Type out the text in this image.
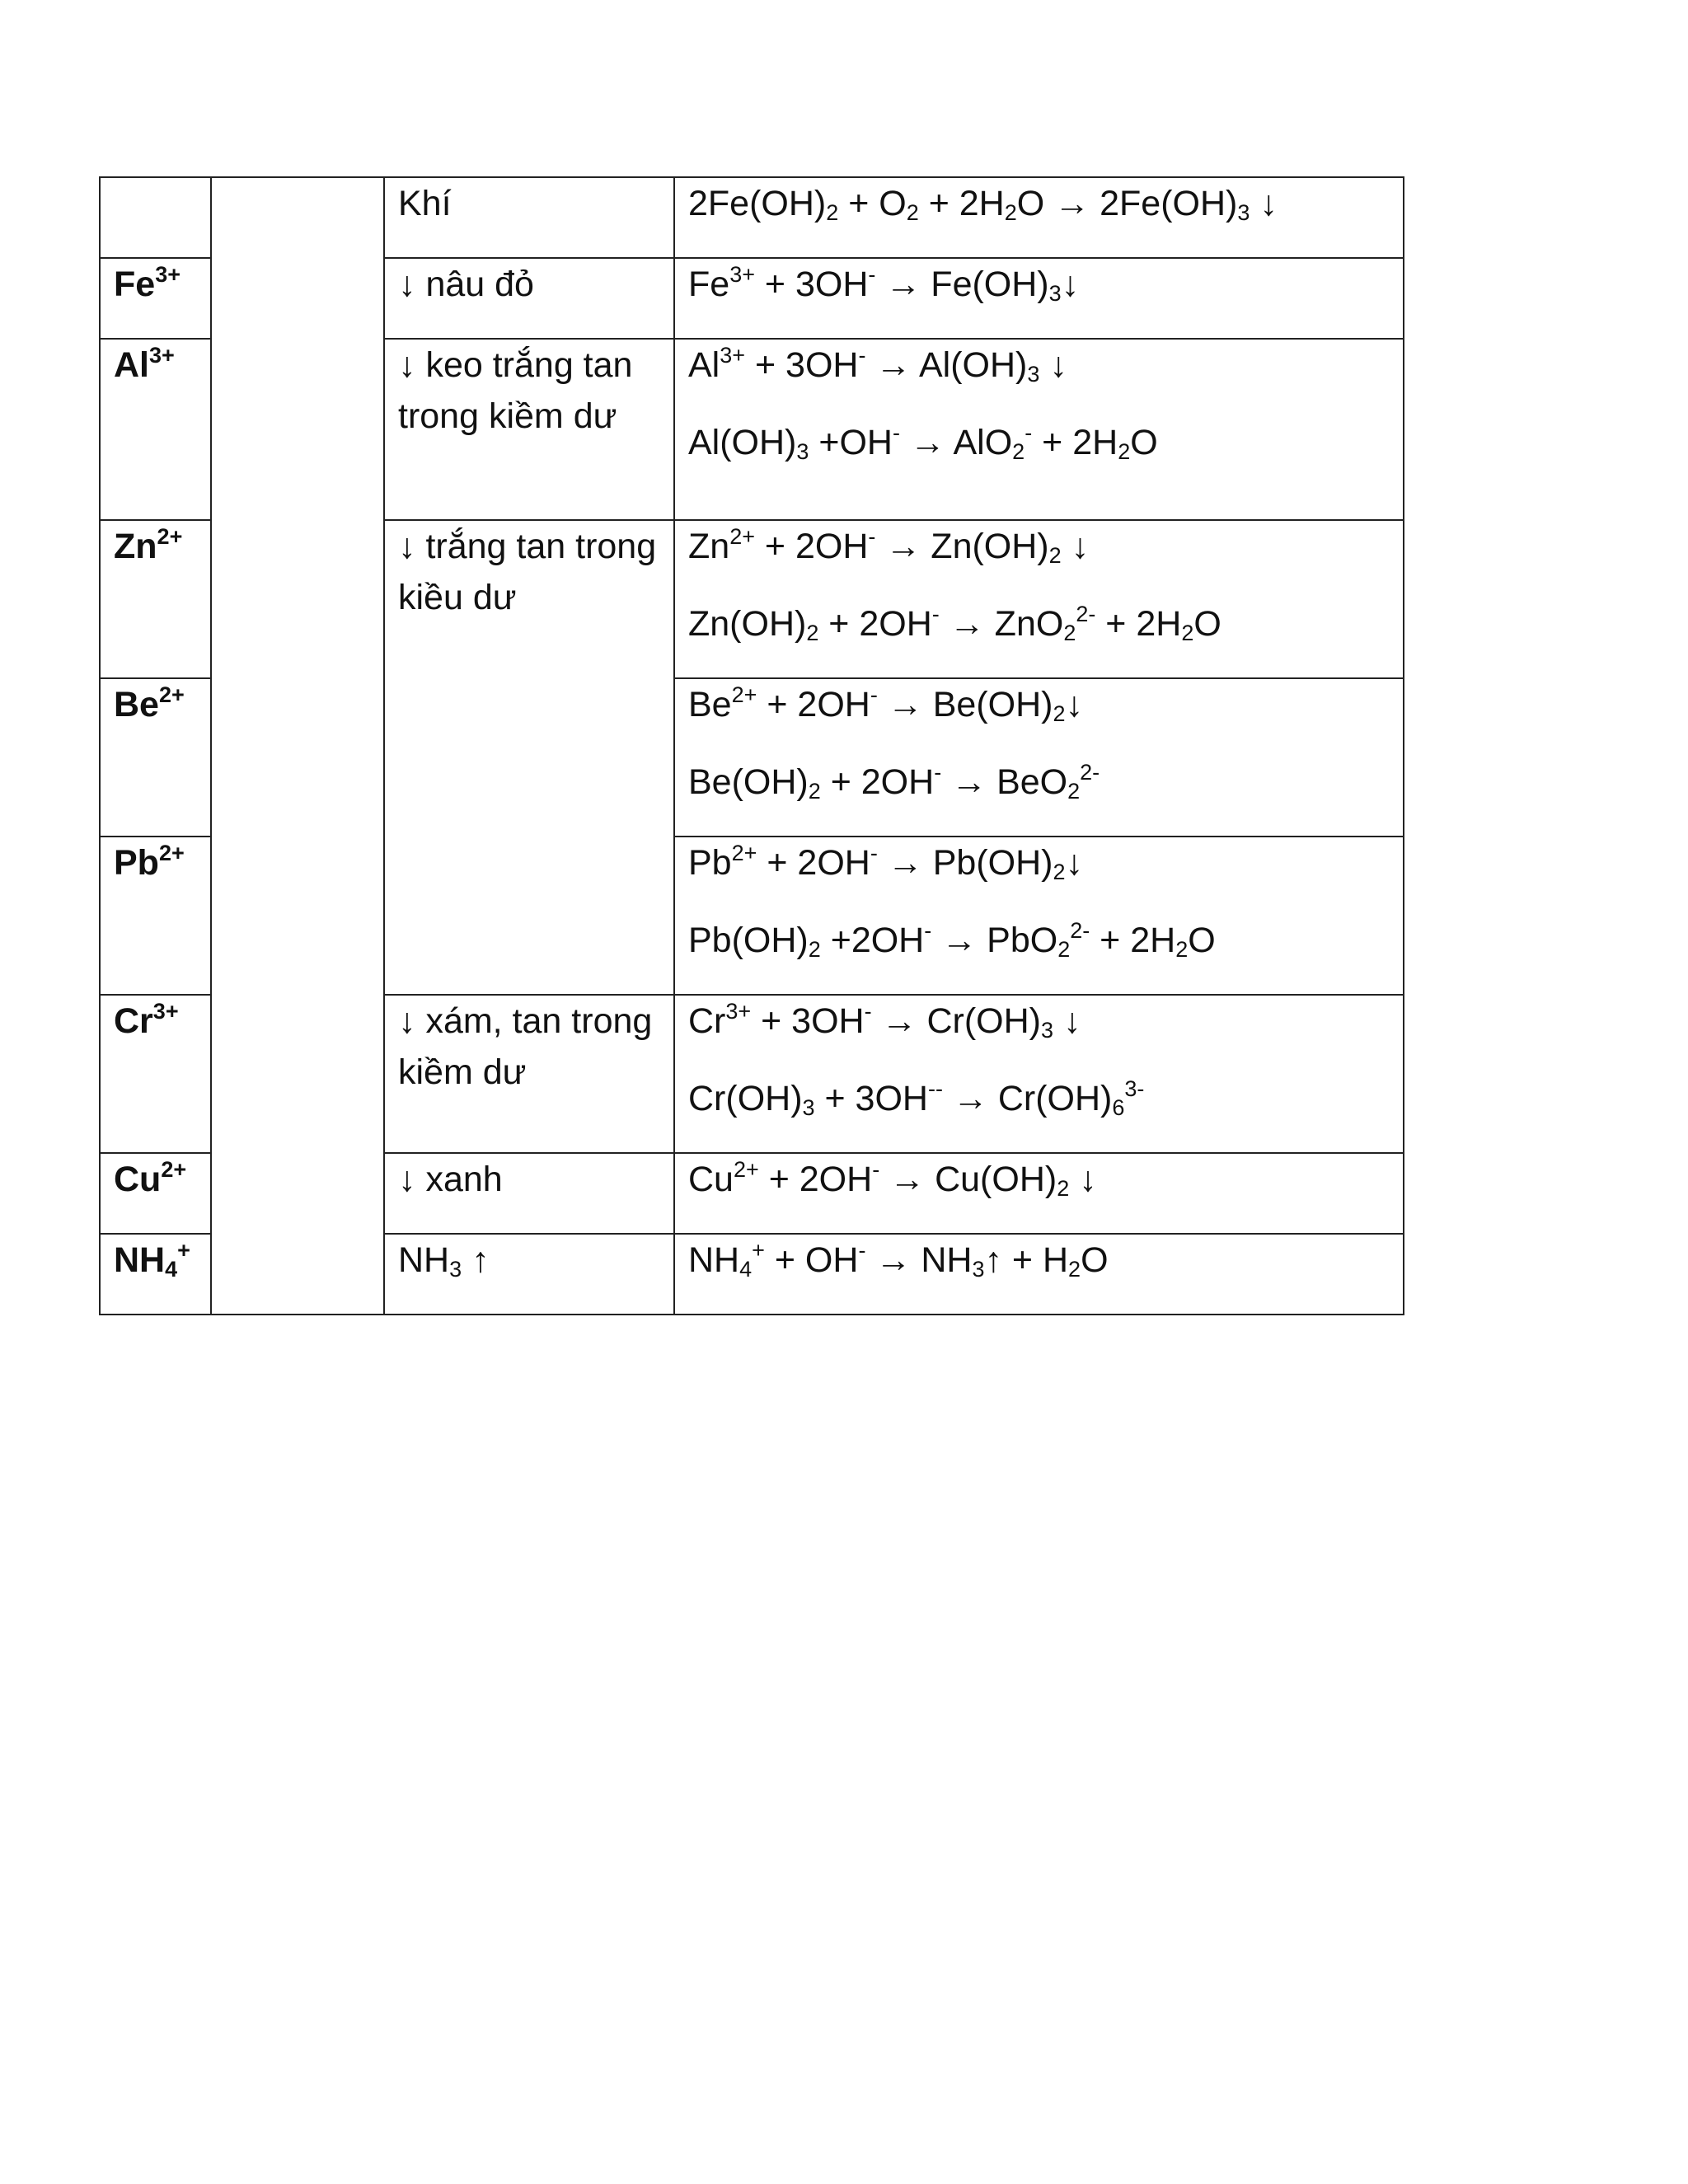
		Khí	$2Fe(OH)_2 + O_2 + 2H_2O \to 2Fe(OH)_3$ ↓

$Fe^{3+}$		↓ nâu đỏ	$Fe^{3+} + 3OH^-$ → $Fe(OH)_3↓$

$Al^{3+}$		↓ keo trắng tan trong kiềm dư	$Al^{3+} + 3OH^- \to Al(OH)_3$ ↓
$Al(OH)_3 +OH^- \to AlO_2^- + 2H_2O$

$Zn^{2+}$		↓ trắng tan trong kiều dư	$Zn^{2+} + 2OH^- \to Zn(OH)_2$ ↓
$Zn(OH)_2 + 2OH^- \to ZnO_2^{2-} + 2H_2O$

$Be^{2+}$			$Be^{2+} + 2OH^-$ → $Be(OH)_2↓$
$Be(OH)_2 + 2OH^- \to BeO_2^{2-}$

$Pb^{2+}$			$Pb^{2+} + 2OH^-$ → $Pb(OH)_2↓$
$Pb(OH)_2 +2OH^- \to PbO_2^{2-} + 2H_2O$

$Cr^{3+}$		↓ xám, tan trong kiềm dư	$Cr^{3+} + 3OH^- \to Cr(OH)_3$ ↓
$Cr(OH)_3 + 3OH^{--} \to Cr(OH)_6^{3-}$

$Cu^{2+}$		↓ xanh	$Cu^{2+} + 2OH^- \to Cu(OH)_2$ ↓

$NH_4^+$		$NH_3$ ↑	$NH_4^+ + OH^-$ → $NH_3↑ + H_2O$
